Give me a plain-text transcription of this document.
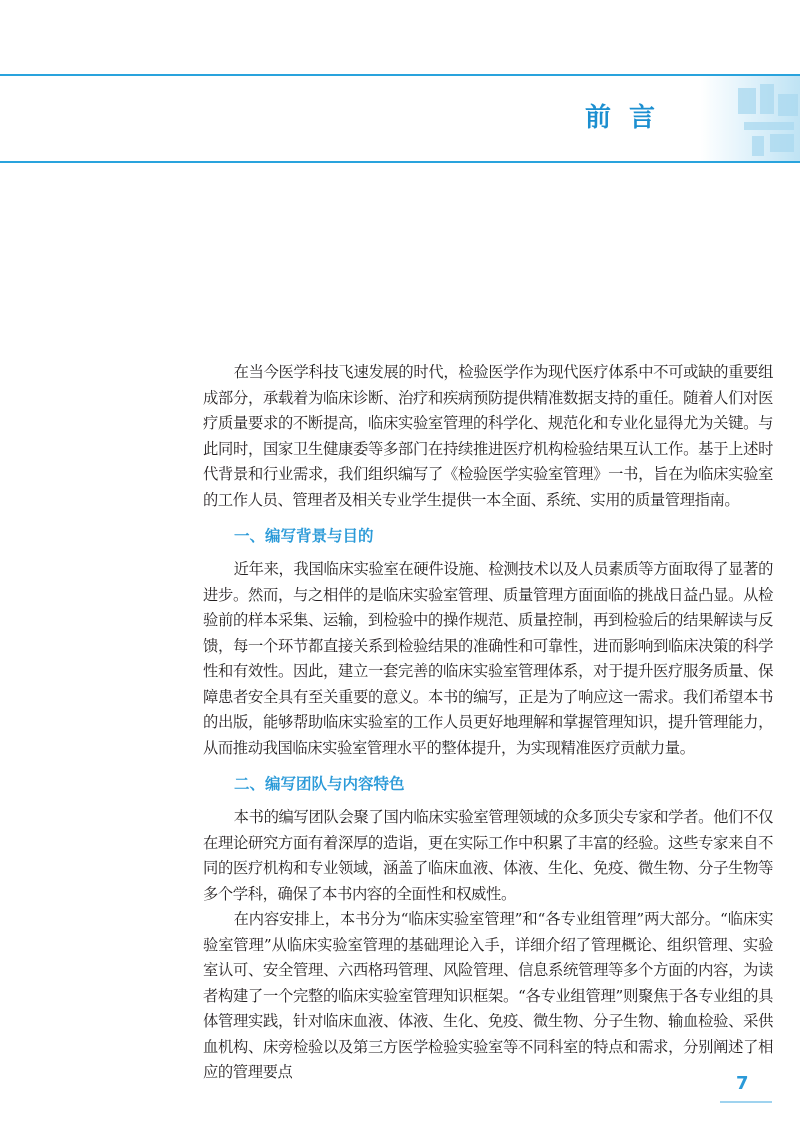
前言

在当今医学科技飞速发展的时代，检验医学作为现代医疗体系中不可或缺的重要组成部分，承载着为临床诊断、治疗和疾病预防提供精准数据支持的重任。随着人们对医疗质量要求的不断提高，临床实验室管理的科学化、规范化和专业化显得尤为关键。与此同时，国家卫生健康委等多部门在持续推进医疗机构检验结果互认工作。基于上述时代背景和行业需求，我们组织编写了《检验医学实验室管理》一书，旨在为临床实验室的工作人员、管理者及相关专业学生提供一本全面、系统、实用的质量管理指南。

一、编写背景与目的

近年来，我国临床实验室在硬件设施、检测技术以及人员素质等方面取得了显著的进步。然而，与之相伴的是临床实验室管理、质量管理方面面临的挑战日益凸显。从检验前的样本采集、运输，到检验中的操作规范、质量控制，再到检验后的结果解读与反馈，每一个环节都直接关系到检验结果的准确性和可靠性，进而影响到临床决策的科学性和有效性。因此，建立一套完善的临床实验室管理体系，对于提升医疗服务质量、保障患者安全具有至关重要的意义。本书的编写，正是为了响应这一需求。我们希望本书的出版，能够帮助临床实验室的工作人员更好地理解和掌握管理知识，提升管理能力，从而推动我国临床实验室管理水平的整体提升，为实现精准医疗贡献力量。

二、编写团队与内容特色

本书的编写团队会聚了国内临床实验室管理领域的众多顶尖专家和学者。他们不仅在理论研究方面有着深厚的造诣，更在实际工作中积累了丰富的经验。这些专家来自不同的医疗机构和专业领域，涵盖了临床血液、体液、生化、免疫、微生物、分子生物等多个学科，确保了本书内容的全面性和权威性。

在内容安排上，本书分为“临床实验室管理”和“各专业组管理”两大部分。“临床实验室管理”从临床实验室管理的基础理论入手，详细介绍了管理概论、组织管理、实验室认可、安全管理、六西格玛管理、风险管理、信息系统管理等多个方面的内容，为读者构建了一个完整的临床实验室管理知识框架。“各专业组管理”则聚焦于各专业组的具体管理实践，针对临床血液、体液、生化、免疫、微生物、分子生物、输血检验、采供血机构、床旁检验以及第三方医学检验实验室等不同科室的特点和需求，分别阐述了相应的管理要点

7
